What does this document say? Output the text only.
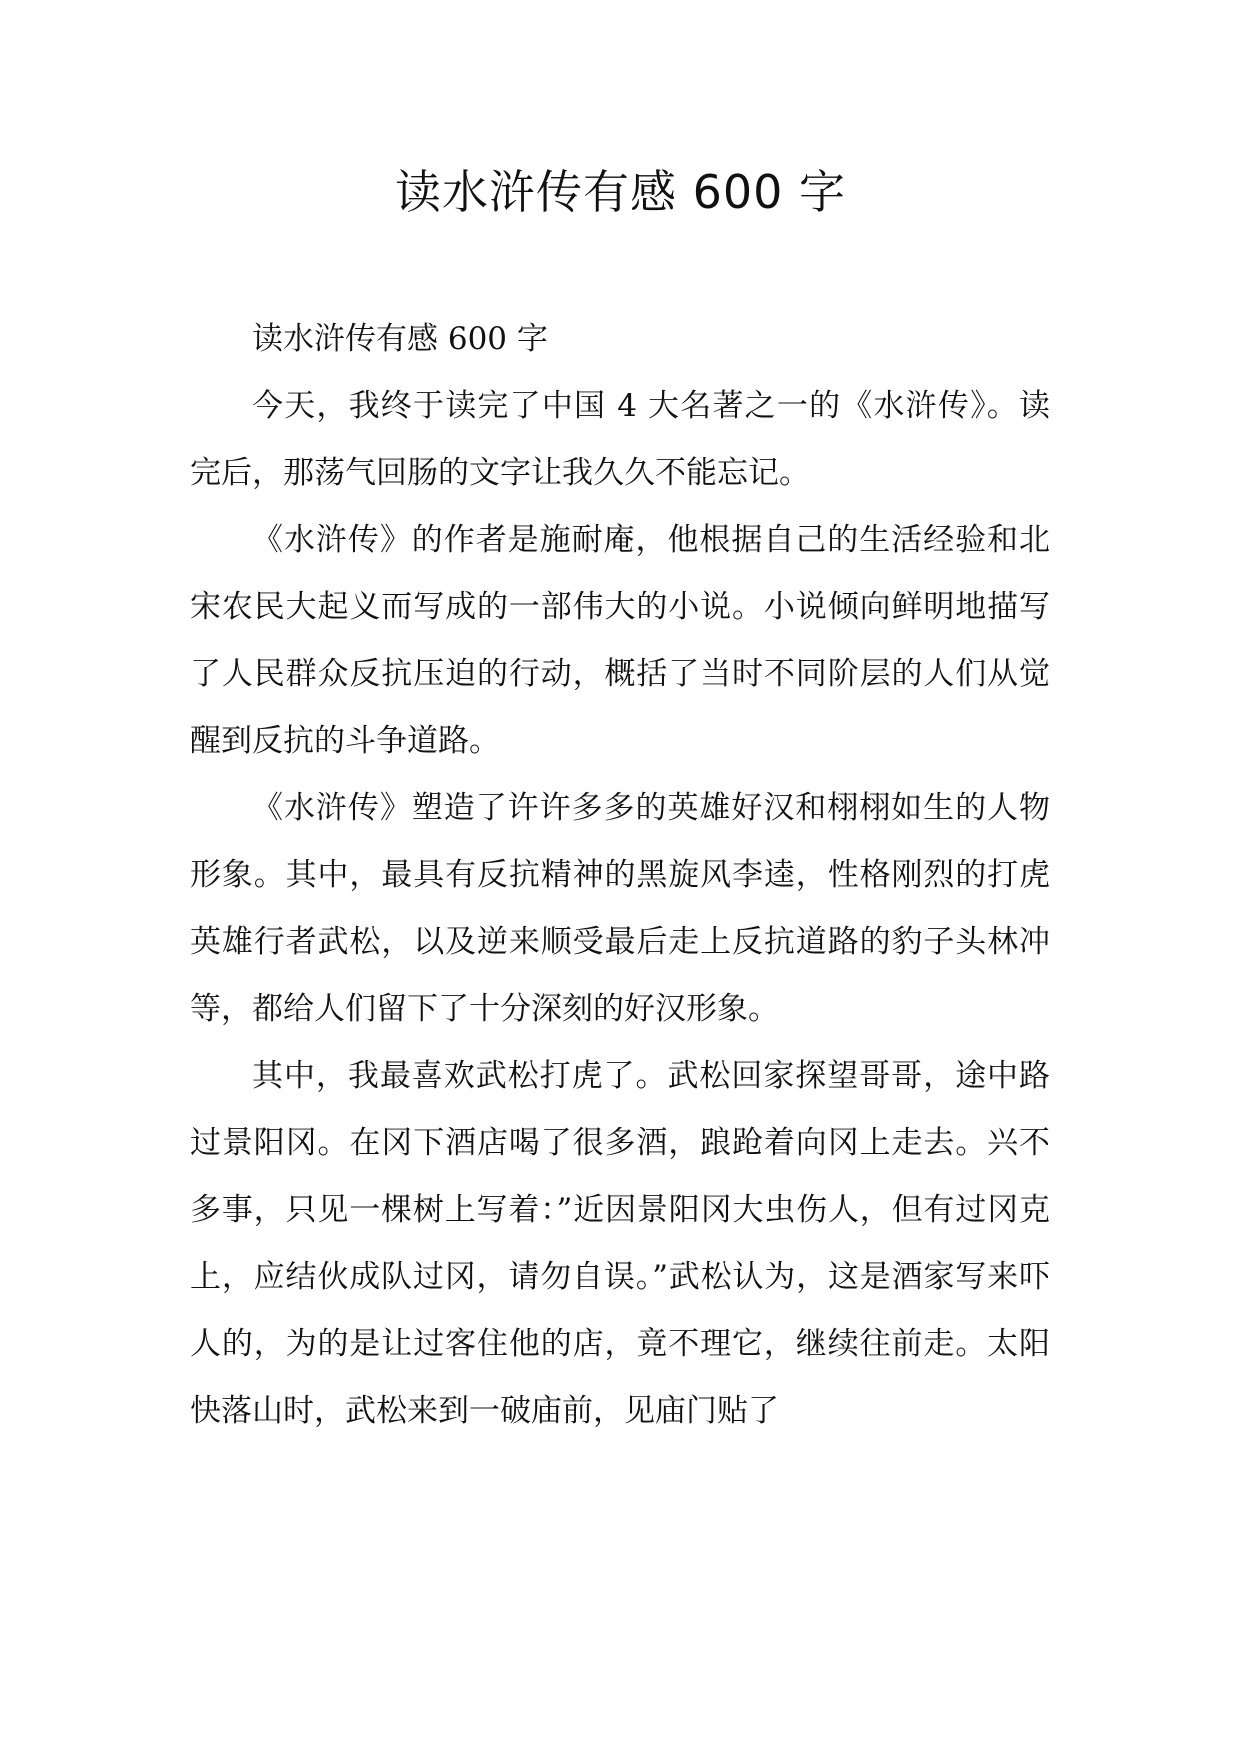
读水浒传有感 600 字

读水浒传有感 600 字

今天，我终于读完了中国 4 大名著之一的《水浒传》。读完后，那荡气回肠的文字让我久久不能忘记。

《水浒传》的作者是施耐庵，他根据自己的生活经验和北宋农民大起义而写成的一部伟大的小说。小说倾向鲜明地描写了人民群众反抗压迫的行动，概括了当时不同阶层的人们从觉醒到反抗的斗争道路。

《水浒传》塑造了许许多多的英雄好汉和栩栩如生的人物形象。其中，最具有反抗精神的黑旋风李逵，性格刚烈的打虎英雄行者武松，以及逆来顺受最后走上反抗道路的豹子头林冲等，都给人们留下了十分深刻的好汉形象。

其中，我最喜欢武松打虎了。武松回家探望哥哥，途中路过景阳冈。在冈下酒店喝了很多酒，踉跄着向冈上走去。兴不多事，只见一棵树上写着：”近因景阳冈大虫伤人，但有过冈克上，应结伙成队过冈，请勿自误。”武松认为，这是酒家写来吓人的，为的是让过客住他的店，竟不理它，继续往前走。太阳快落山时，武松来到一破庙前，见庙门贴了
